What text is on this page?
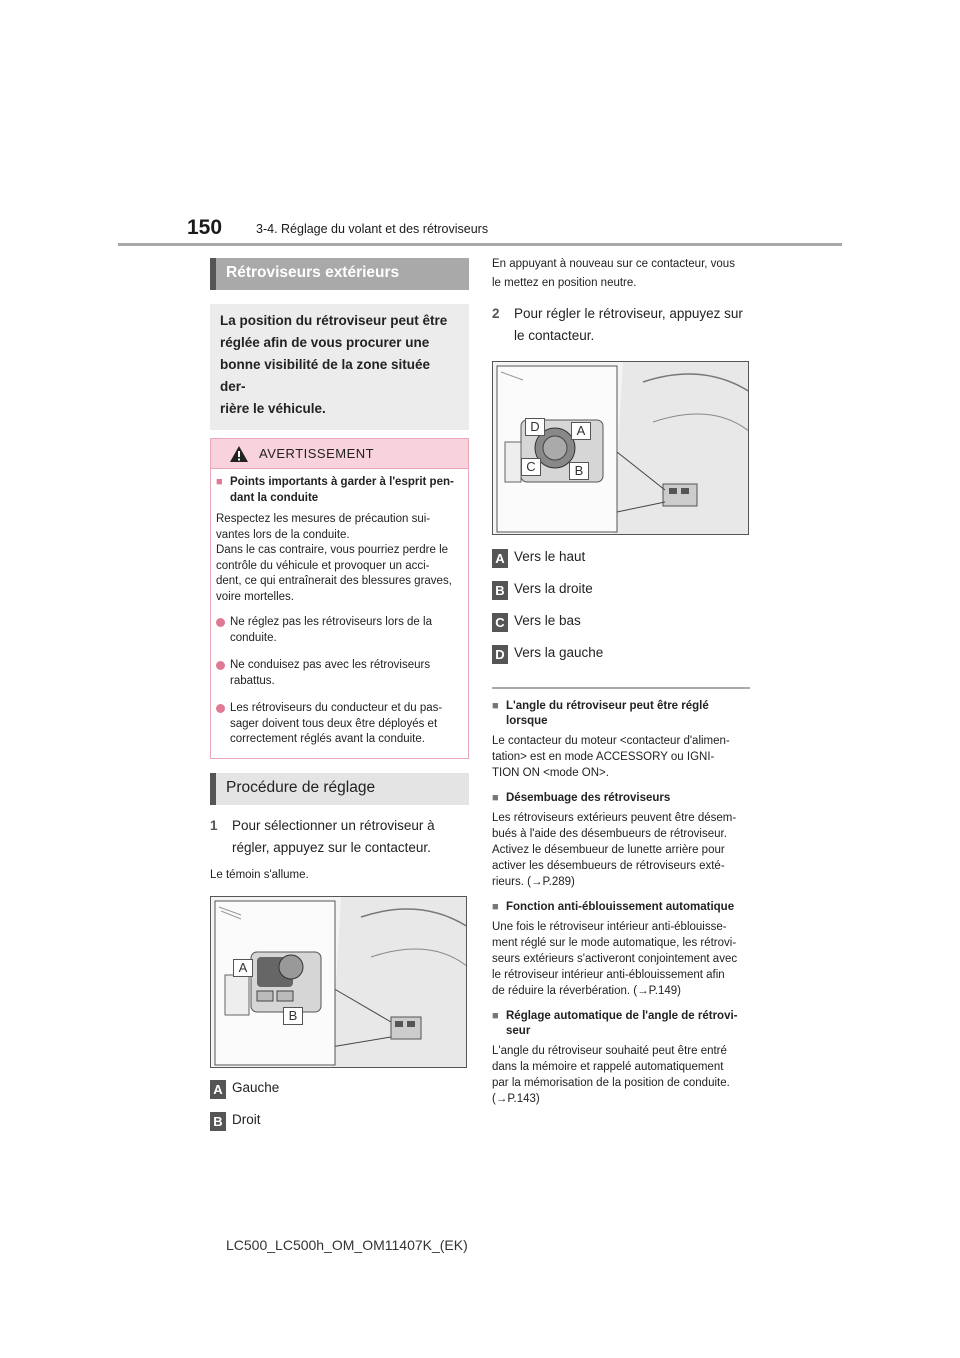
150	3-4. Réglage du volant et des rétroviseurs
Rétroviseurs extérieurs
La position du rétroviseur peut être
réglée afin de vous procurer une
bonne visibilité de la zone située der-
rière le véhicule.
AVERTISSEMENT
■ Points importants à garder à l'esprit pen-
dant la conduite

Respectez les mesures de précaution sui-
vantes lors de la conduite.
Dans le cas contraire, vous pourriez perdre le
contrôle du véhicule et provoquer un acci-
dent, ce qui entraînerait des blessures graves,
voire mortelles.

Ne réglez pas les rétroviseurs lors de la
conduite.
Ne conduisez pas avec les rétroviseurs
rabattus.
Les rétroviseurs du conducteur et du pas-
sager doivent tous deux être déployés et
correctement réglés avant la conduite.
Procédure de réglage
1 Pour sélectionner un rétroviseur à
régler, appuyez sur le contacteur.
Le témoin s'allume.
A
B
A Gauche
B Droit
En appuyant à nouveau sur ce contacteur, vous
le mettez en position neutre.
2 Pour régler le rétroviseur, appuyez sur
le contacteur.
D	A
C	B
A Vers le haut
B Vers la droite
C Vers le bas
D Vers la gauche
■ L'angle du rétroviseur peut être réglé
lorsque
Le contacteur du moteur <contacteur d'alimen-
tation> est en mode ACCESSORY ou IGNI-
TION ON <mode ON>.
■ Désembuage des rétroviseurs
Les rétroviseurs extérieurs peuvent être désem-
bués à l'aide des désembueurs de rétroviseur.
Activez le désembueur de lunette arrière pour
activer les désembueurs de rétroviseurs exté-
rieurs. (→P.289)
■ Fonction anti-éblouissement automatique
Une fois le rétroviseur intérieur anti-éblouisse-
ment réglé sur le mode automatique, les rétrovi-
seurs extérieurs s'activeront conjointement avec
le rétroviseur intérieur anti-éblouissement afin
de réduire la réverbération. (→P.149)
■ Réglage automatique de l'angle de rétrovi-
seur
L'angle du rétroviseur souhaité peut être entré
dans la mémoire et rappelé automatiquement
par la mémorisation de la position de conduite.
(→P.143)
LC500_LC500h_OM_OM11407K_(EK)
